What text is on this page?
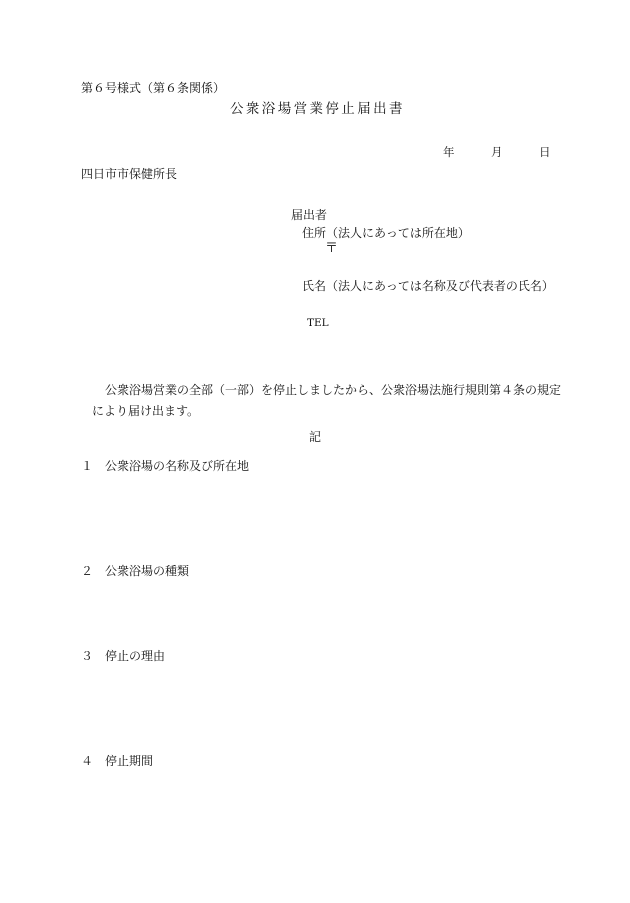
第６号様式（第６条関係）
公衆浴場営業停止届出書
年	月	日
四日市市保健所長
届出者
住所（法人にあっては所在地）
〒
氏名（法人にあっては名称及び代表者の氏名）
TEL
公衆浴場営業の全部（一部）を停止しましたから、公衆浴場法施行規則第４条の規定
により届け出ます。
記
１ 公衆浴場の名称及び所在地
２ 公衆浴場の種類
３ 停止の理由
４ 停止期間
